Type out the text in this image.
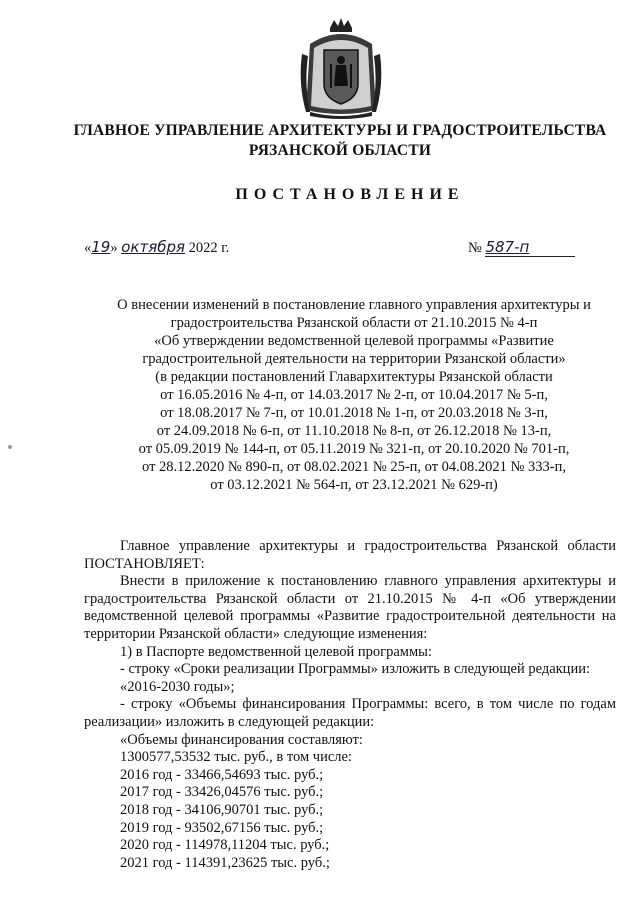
ГЛАВНОЕ УПРАВЛЕНИЕ АРХИТЕКТУРЫ И ГРАДОСТРОИТЕЛЬСТВА
РЯЗАНСКОЙ ОБЛАСТИ
ПОСТАНОВЛЕНИЕ
«19» октября 2022 г.	№ 587-п
О внесении изменений в постановление главного управления архитектуры и
градостроительства Рязанской области от 21.10.2015 № 4-п
«Об утверждении ведомственной целевой программы «Развитие
градостроительной деятельности на территории Рязанской области»
(в редакции постановлений Главархитектуры Рязанской области
от 16.05.2016 № 4-п, от 14.03.2017 № 2-п, от 10.04.2017 № 5-п,
от 18.08.2017 № 7-п, от 10.01.2018 № 1-п, от 20.03.2018 № 3-п,
от 24.09.2018 № 6-п, от 11.10.2018 № 8-п, от 26.12.2018 № 13-п,
от 05.09.2019 № 144-п, от 05.11.2019 № 321-п, от 20.10.2020 № 701-п,
от 28.12.2020 № 890-п, от 08.02.2021 № 25-п, от 04.08.2021 № 333-п,
от 03.12.2021 № 564-п, от 23.12.2021 № 629-п)

Главное управление архитектуры и градостроительства Рязанской области ПОСТАНОВЛЯЕТ:

Внести в приложение к постановлению главного управления архитектуры и градостроительства Рязанской области от 21.10.2015 № 4-п «Об утверждении ведомственной целевой программы «Развитие градостроительной деятельности на территории Рязанской области» следующие изменения:

1) в Паспорте ведомственной целевой программы:

- строку «Сроки реализации Программы» изложить в следующей редакции:

«2016-2030 годы»;

- строку «Объемы финансирования Программы: всего, в том числе по годам реализации» изложить в следующей редакции:

«Объемы финансирования составляют:

1300577,53532 тыс. руб., в том числе:

2016 год - 33466,54693 тыс. руб.;

2017 год - 33426,04576 тыс. руб.;

2018 год - 34106,90701 тыс. руб.;

2019 год - 93502,67156 тыс. руб.;

2020 год - 114978,11204 тыс. руб.;

2021 год - 114391,23625 тыс. руб.;
